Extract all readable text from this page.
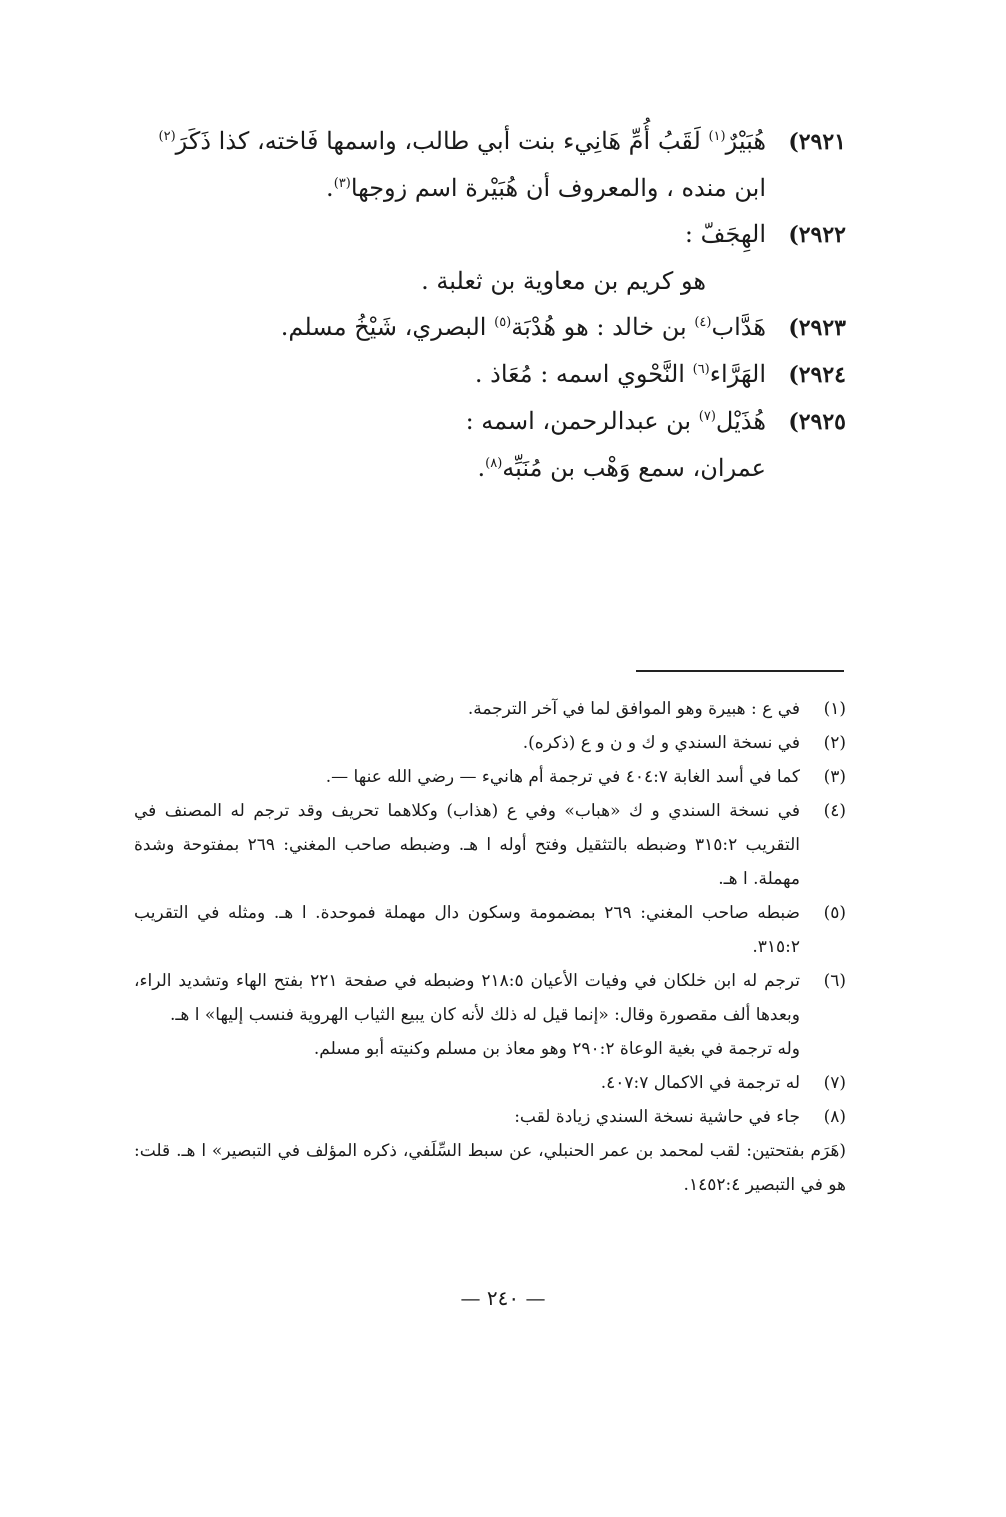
٢٩٢١)
هُبَيْرٌ$^{(١)}$ لَقَبُ أُمِّ هَانِيء بنت أبي طالب، واسمها فَاخته، كذا ذَكَرَ$^{(٢)}$
ابن منده ، والمعروف أن هُبَيْرة اسم زوجها$^{(٣)}$.
٢٩٢٢)
الهِجَفّ :
هو كريم بن معاوية بن ثعلبة .
٢٩٢٣)
هَدَّاب$^{(٤)}$ بن خالد : هو هُدْبَة$^{(٥)}$ البصري، شَيْخُ مسلم.
٢٩٢٤)
الهَرَّاء$^{(٦)}$ النَّحْوي اسمه : مُعَاذ .
٢٩٢٥)
هُذَيْل$^{(٧)}$ بن عبدالرحمن، اسمه :
عمران، سمع وَهْب بن مُنَبِّه$^{(٨)}$.
(١)
في ع : هبيرة وهو الموافق لما في آخر الترجمة.
(٢)
في نسخة السندي و ك و ن و ع (ذكره).
(٣)
كما في أسد الغابة ٤٠٤:٧ في ترجمة أم هانيء — رضي الله عنها —.
(٤)
في نسخة السندي و ك «هباب» وفي ع (هذاب) وكلاهما تحريف وقد ترجم له المصنف في التقريب ٣١٥:٢ وضبطه بالتثقيل وفتح أوله ا هـ. وضبطه صاحب المغني: ٢٦٩ بمفتوحة وشدة مهملة. ا هـ.
(٥)
ضبطه صاحب المغني: ٢٦٩ بمضمومة وسكون دال مهملة فموحدة. ا هـ. ومثله في التقريب ٣١٥:٢.
(٦)
ترجم له ابن خلكان في وفيات الأعيان ٢١٨:٥ وضبطه في صفحة ٢٢١ بفتح الهاء وتشديد الراء، وبعدها ألف مقصورة وقال: «إنما قيل له ذلك لأنه كان يبيع الثياب الهروية فنسب إليها» ا هـ.
وله ترجمة في بغية الوعاة ٢٩٠:٢ وهو معاذ بن مسلم وكنيته أبو مسلم.
(٧)
له ترجمة في الاكمال ٤٠٧:٧.
(٨)
جاء في حاشية نسخة السندي زيادة لقب:
(هَرَم بفتحتين: لقب لمحمد بن عمر الحنبلي، عن سبط السِّلَفي، ذكره المؤلف في التبصير» ا هـ. قلت: هو في التبصير ١٤٥٢:٤.
— ٢٤٠ —
